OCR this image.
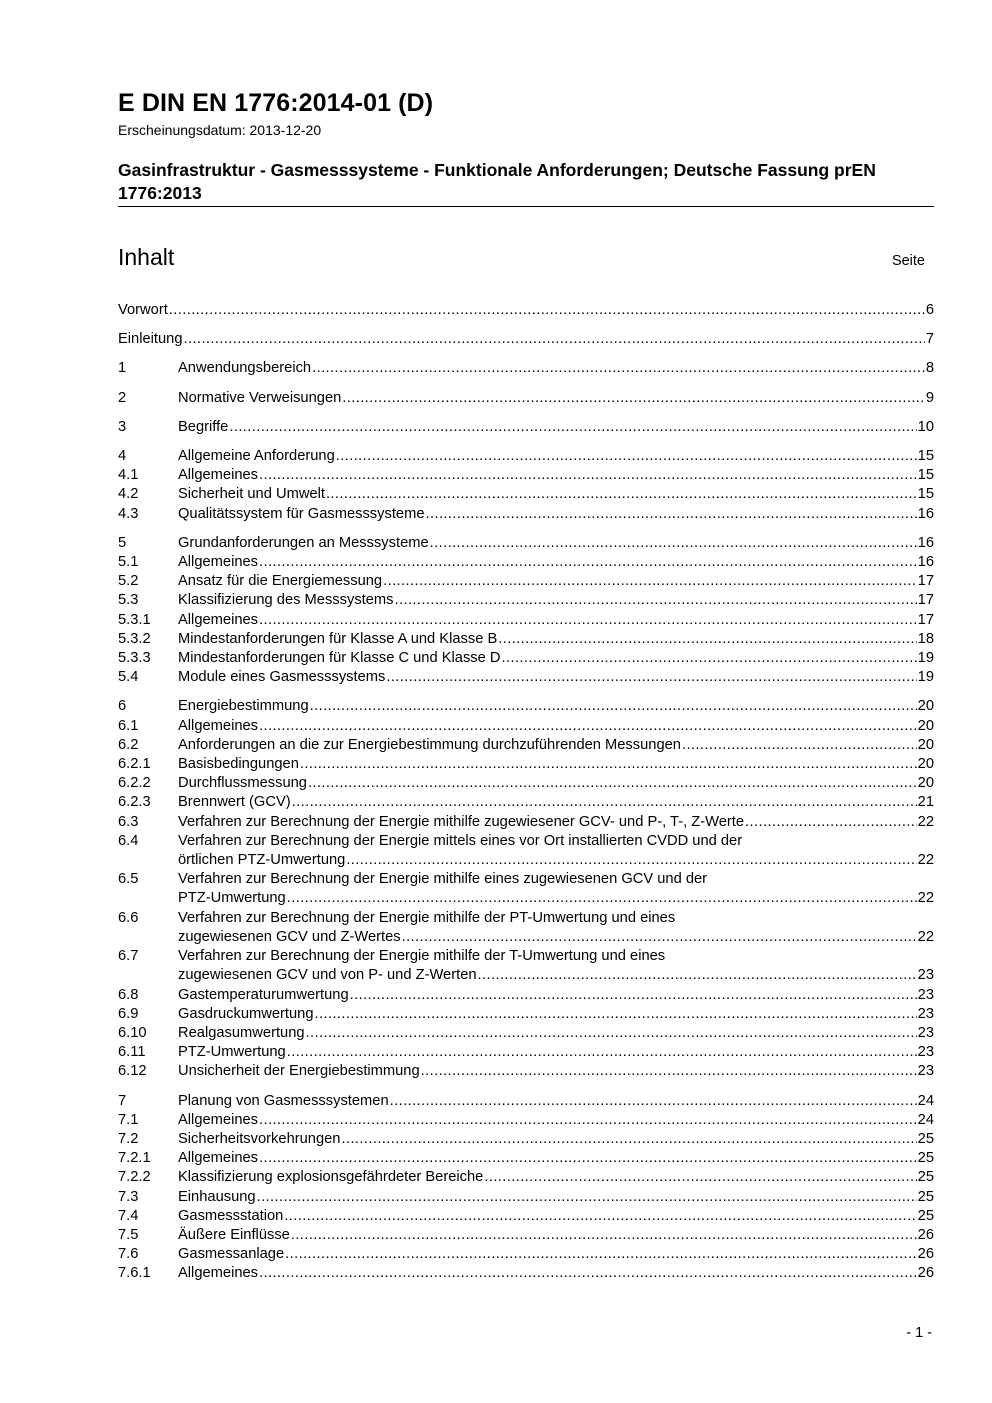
E DIN EN 1776:2014-01 (D)
Erscheinungsdatum: 2013-12-20
Gasinfrastruktur - Gasmesssysteme - Funktionale Anforderungen; Deutsche Fassung prEN 1776:2013
Inhalt	Seite
Vorwort .....	6
Einleitung .....	7
1	Anwendungsbereich .....	8
2	Normative Verweisungen .....	9
3	Begriffe .....	10
4	Allgemeine Anforderung .....	15
4.1	Allgemeines .....	15
4.2	Sicherheit und Umwelt .....	15
4.3	Qualitätssystem für Gasmesssysteme .....	16
5	Grundanforderungen an Messsysteme .....	16
5.1	Allgemeines .....	16
5.2	Ansatz für die Energiemessung .....	17
5.3	Klassifizierung des Messsystems .....	17
5.3.1	Allgemeines .....	17
5.3.2	Mindestanforderungen für Klasse A und Klasse B .....	18
5.3.3	Mindestanforderungen für Klasse C und Klasse D .....	19
5.4	Module eines Gasmesssystems .....	19
6	Energiebestimmung .....	20
6.1	Allgemeines .....	20
6.2	Anforderungen an die zur Energiebestimmung durchzuführenden Messungen .....	20
6.2.1	Basisbedingungen .....	20
6.2.2	Durchflussmessung .....	20
6.2.3	Brennwert (GCV) .....	21
6.3	Verfahren zur Berechnung der Energie mithilfe zugewiesener GCV- und P-, T-, Z-Werte .....	22
6.4	Verfahren zur Berechnung der Energie mittels eines vor Ort installierten CVDD und der
örtlichen PTZ-Umwertung .....	22
6.5	Verfahren zur Berechnung der Energie mithilfe eines zugewiesenen GCV und der
PTZ-Umwertung .....	22
6.6	Verfahren zur Berechnung der Energie mithilfe der PT-Umwertung und eines
zugewiesenen GCV und Z-Wertes .....	22
6.7	Verfahren zur Berechnung der Energie mithilfe der T-Umwertung und eines
zugewiesenen GCV und von P- und Z-Werten .....	23
6.8	Gastemperaturumwertung .....	23
6.9	Gasdruckumwertung .....	23
6.10	Realgasumwertung .....	23
6.11	PTZ-Umwertung .....	23
6.12	Unsicherheit der Energiebestimmung .....	23
7	Planung von Gasmesssystemen .....	24
7.1	Allgemeines .....	24
7.2	Sicherheitsvorkehrungen .....	25
7.2.1	Allgemeines .....	25
7.2.2	Klassifizierung explosionsgefährdeter Bereiche .....	25
7.3	Einhausung .....	25
7.4	Gasmessstation .....	25
7.5	Äußere Einflüsse .....	26
7.6	Gasmessanlage .....	26
7.6.1	Allgemeines .....	26
- 1 -
